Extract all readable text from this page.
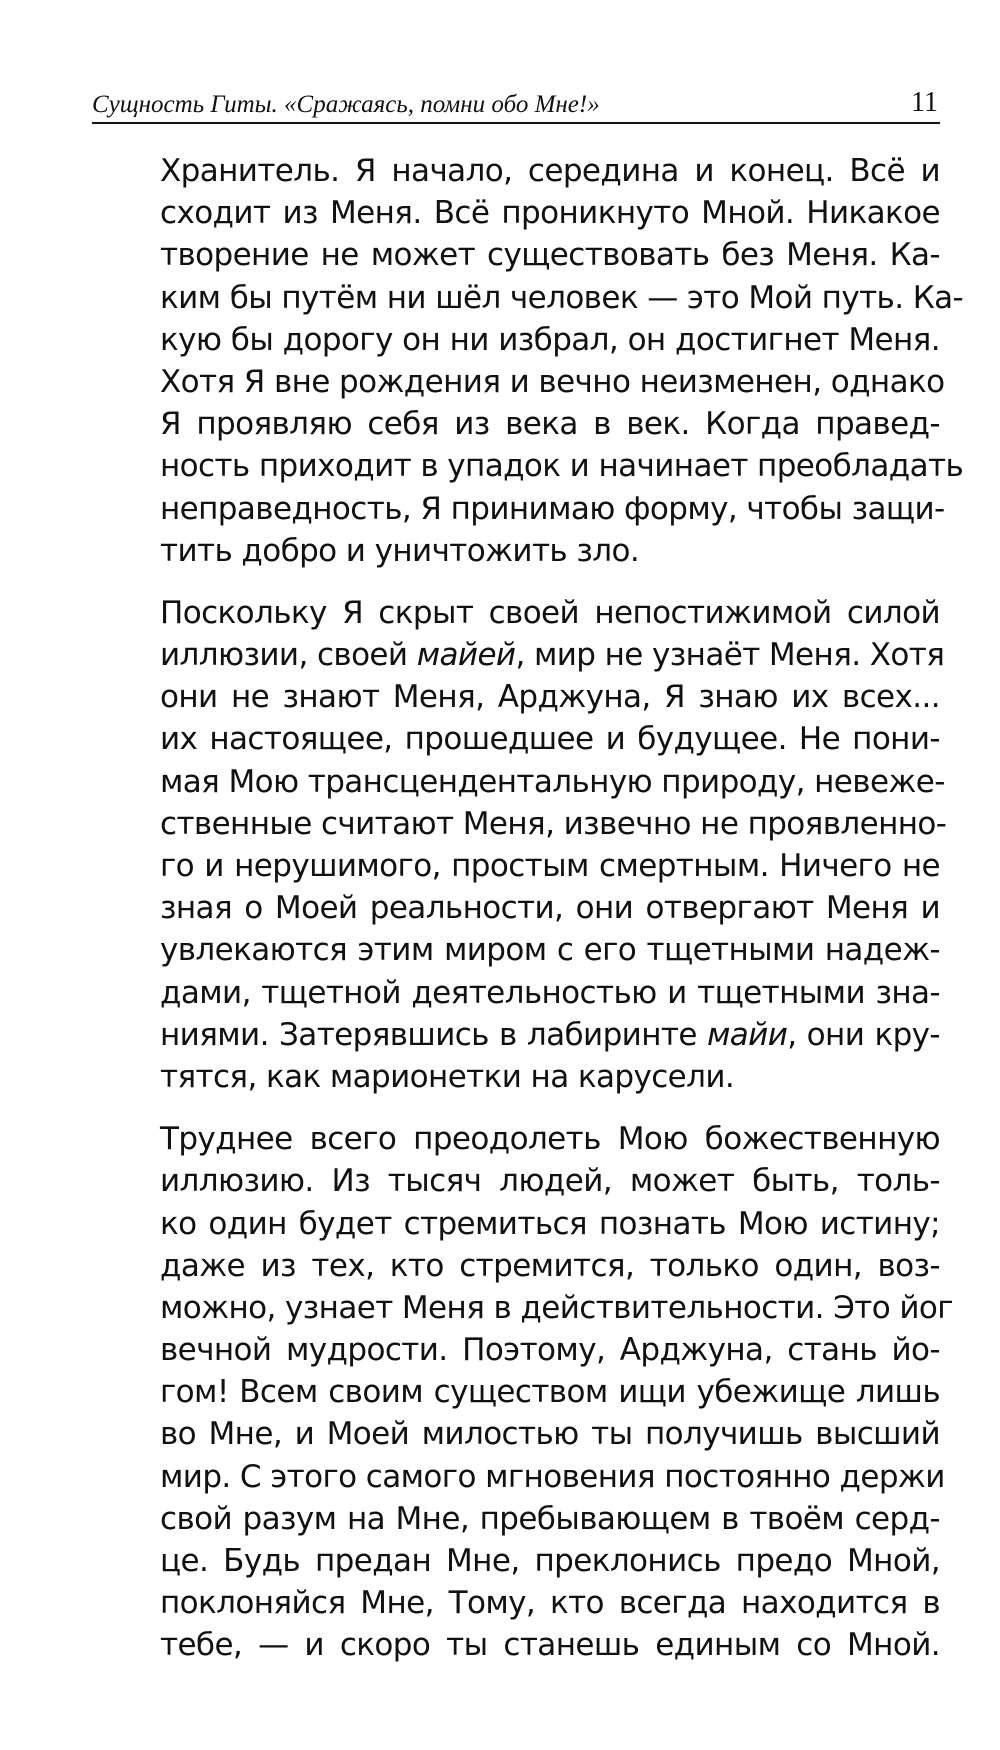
Сущность Гиты. «Сражаясь, помни обо Мне!»	11
Хранитель. Я начало, середина и конец. Всё и
сходит из Меня. Всё проникнуто Мной. Никакое
творение не может существовать без Меня. Ка-
ким бы путём ни шёл человек — это Мой путь. Ка-
кую бы дорогу он ни избрал, он достигнет Меня.
Хотя Я вне рождения и вечно неизменен, однако
Я проявляю себя из века в век. Когда правед-
ность приходит в упадок и начинает преобладать
неправедность, Я принимаю форму, чтобы защи-
тить добро и уничтожить зло.
Поскольку Я скрыт своей непостижимой силой
иллюзии, своей майей, мир не узнаёт Меня. Хотя
они не знают Меня, Арджуна, Я знаю их всех...
их настоящее, прошедшее и будущее. Не пони-
мая Мою трансцендентальную природу, невеже-
ственные считают Меня, извечно не проявленно-
го и нерушимого, простым смертным. Ничего не
зная о Моей реальности, они отвергают Меня и
увлекаются этим миром с его тщетными надеж-
дами, тщетной деятельностью и тщетными зна-
ниями. Затерявшись в лабиринте майи, они кру-
тятся, как марионетки на карусели.
Труднее всего преодолеть Мою божественную
иллюзию. Из тысяч людей, может быть, толь-
ко один будет стремиться познать Мою истину;
даже из тех, кто стремится, только один, воз-
можно, узнает Меня в действительности. Это йог
вечной мудрости. Поэтому, Арджуна, стань йо-
гом! Всем своим существом ищи убежище лишь
во Мне, и Моей милостью ты получишь высший
мир. С этого самого мгновения постоянно держи
свой разум на Мне, пребывающем в твоём серд-
це. Будь предан Мне, преклонись предо Мной,
поклоняйся Мне, Тому, кто всегда находится в
тебе, — и скоро ты станешь единым со Мной.
